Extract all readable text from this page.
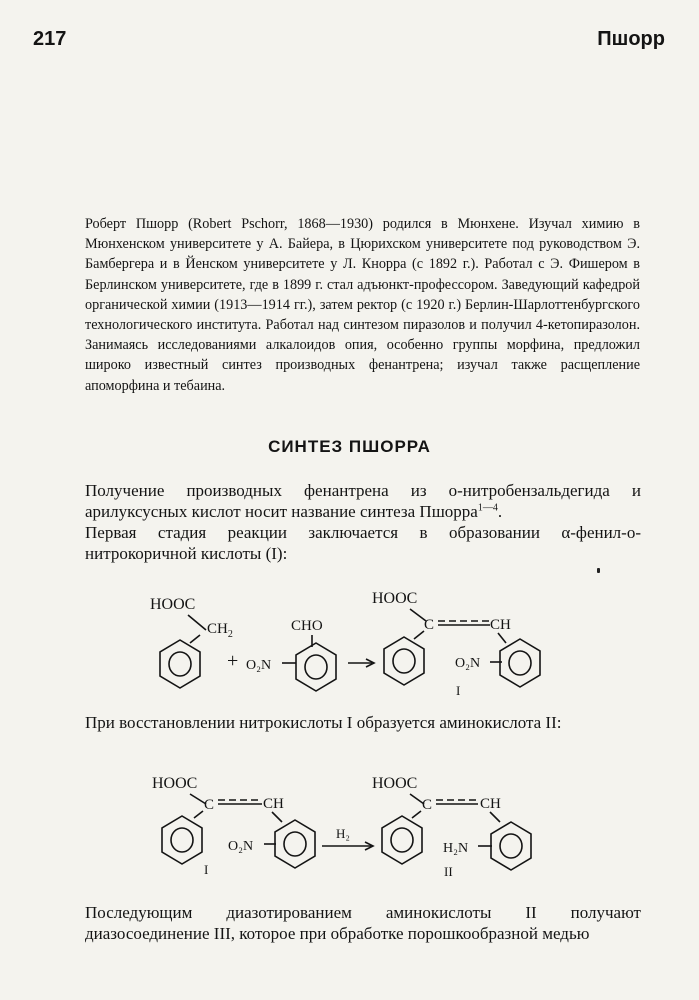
217	Пшорр

Роберт Пшорр (Robert Pschorr, 1868—1930) родился в Мюнхене. Изучал химию в Мюнхенском университете у А. Байера, в Цюрихском университете под руководством Э. Бамбергера и в Йенском университете у Л. Кнорра (с 1892 г.). Работал с Э. Фишером в Берлинском университете, где в 1899 г. стал адъюнкт-профессором. Заведующий кафедрой органической химии (1913—1914 гг.), затем ректор (с 1920 г.) Берлин-Шарлоттенбургского технологического института. Работал над синтезом пиразолов и получил 4-кетопиразолон. Занимаясь исследованиями алкалоидов опия, особенно группы морфина, предложил широко известный синтез производных фенантрена; изучал также расщепление апоморфина и тебаина.

СИНТЕЗ ПШОРРА

Получение производных фенантрена из о-нитробензальдегида и арилуксусных кислот носит название синтеза Пшорра$^{1—4}$.

Первая стадия реакции заключается в образовании α-фенил-о-нитрокоричной кислоты (I):

HOOC
$CH_2$
+ O₂N
CHO
HOOC
C	CH
O₂N
I

При восстановлении нитрокислоты I образуется аминокислота II:

HOOC
C	CH
O₂N
I
H₂
HOOC
C	CH
H₂N
II

Последующим диазотированием аминокислоты II получают диазосоединение III, которое при обработке порошкообразной медью
